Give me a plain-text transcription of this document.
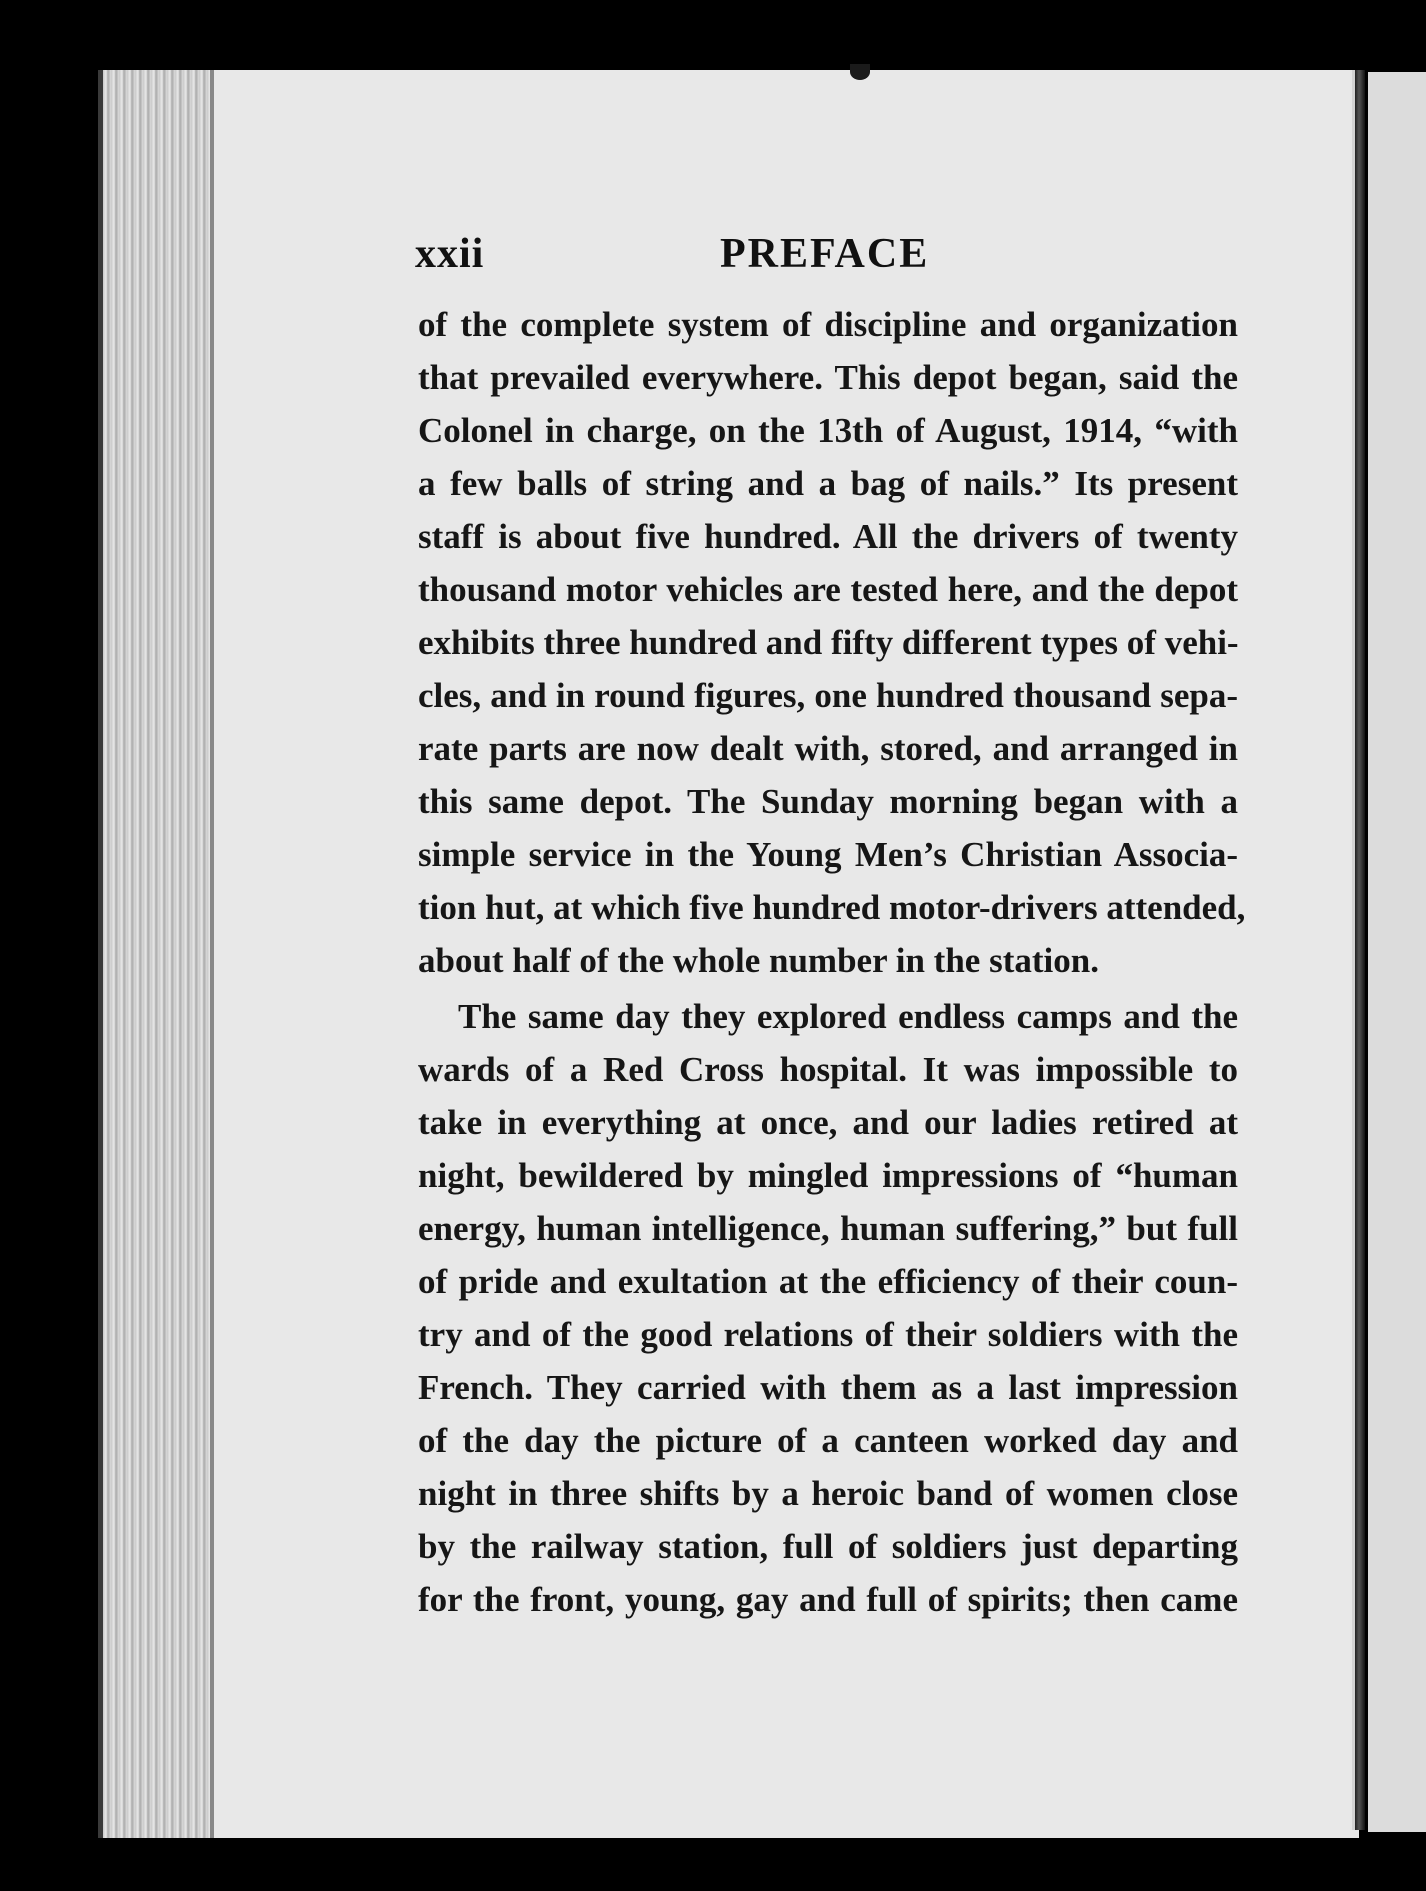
xxii	PREFACE
of the complete system of discipline and organization
that prevailed everywhere. This depot began, said the
Colonel in charge, on the 13th of August, 1914, “with
a few balls of string and a bag of nails.” Its present
staff is about five hundred. All the drivers of twenty
thousand motor vehicles are tested here, and the depot
exhibits three hundred and fifty different types of vehi-
cles, and in round figures, one hundred thousand sepa-
rate parts are now dealt with, stored, and arranged in
this same depot. The Sunday morning began with a
simple service in the Young Men’s Christian Associa-
tion hut, at which five hundred motor-drivers attended,
about half of the whole number in the station.
The same day they explored endless camps and the
wards of a Red Cross hospital. It was impossible to
take in everything at once, and our ladies retired at
night, bewildered by mingled impressions of “human
energy, human intelligence, human suffering,” but full
of pride and exultation at the efficiency of their coun-
try and of the good relations of their soldiers with the
French. They carried with them as a last impression
of the day the picture of a canteen worked day and
night in three shifts by a heroic band of women close
by the railway station, full of soldiers just departing
for the front, young, gay and full of spirits; then came
